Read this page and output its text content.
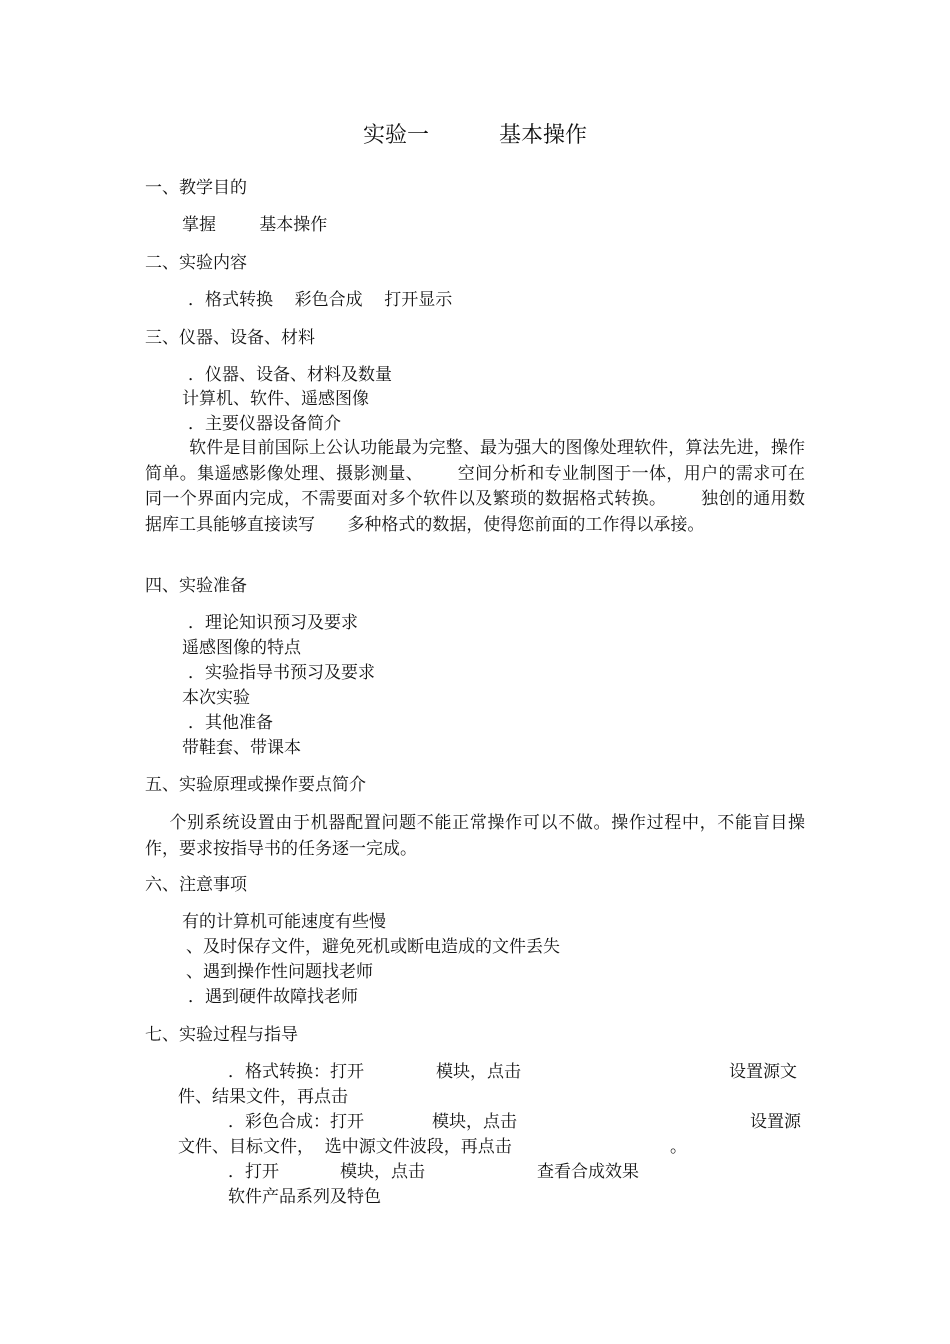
实验一          基本操作
一、教学目的
掌握        基本操作
二、实验内容
．格式转换    彩色合成    打开显示
三、仪器、设备、材料
．仪器、设备、材料及数量
计算机、软件、遥感图像
．主要仪器设备简介
四、实验准备
．理论知识预习及要求
遥感图像的特点
．实验指导书预习及要求
本次实验
．其他准备
带鞋套、带课本
五、实验原理或操作要点简介
六、注意事项
有的计算机可能速度有些慢
、及时保存文件，避免死机或断电造成的文件丢失
、遇到操作性问题找老师
．遇到硬件故障找老师
七、实验过程与指导
．格式转换：打开	模块，点击	设置源文
件、结果文件，再点击
．彩色合成：打开	模块，点击	设置源
文件、目标文件，  选中源文件波段，再点击	。
．打开	模块，点击	查看合成效果
软件产品系列及特色
软件是目前国际上公认功能最为完整、最为强大的图像处理软件，算法先进，操作简单。集遥感影像处理、摄影测量、      空间分析和专业制图于一体，用户的需求可在同一个界面内完成，不需要面对多个软件以及繁琐的数据格式转换。      独创的通用数据库工具能够直接读写      多种格式的数据，使得您前面的工作得以承接。
个别系统设置由于机器配置问题不能正常操作可以不做。操作过程中，不能盲目操作，要求按指导书的任务逐一完成。
